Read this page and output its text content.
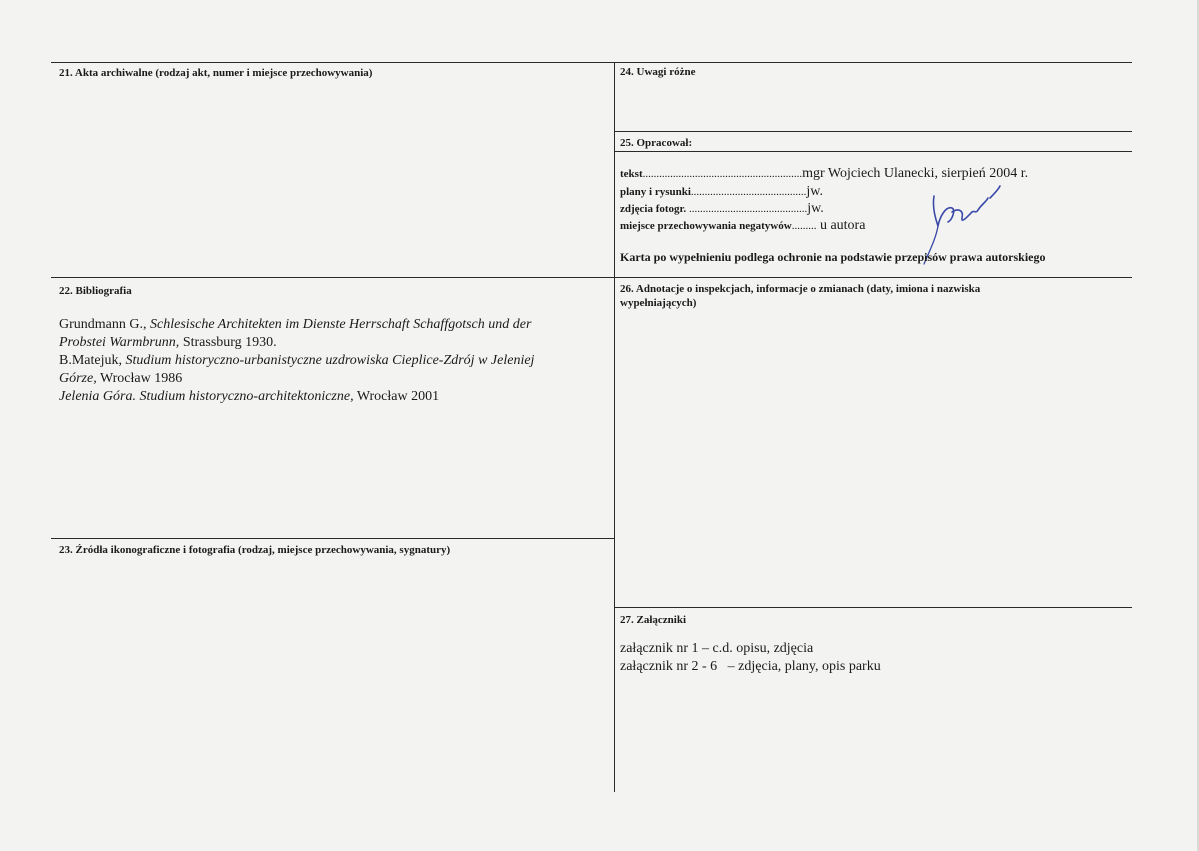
21. Akta archiwalne (rodzaj akt, numer i miejsce przechowywania)	24. Uwagi różne
25. Opracował:
tekst..........................................................mgr Wojciech Ulanecki, sierpień 2004 r.
plany i rysunki..........................................jw.
zdjęcia fotogr. ...........................................jw.
miejsce przechowywania negatywów......... u autora
Karta po wypełnieniu podlega ochronie na podstawie przepisów prawa autorskiego
22. Bibliografia
Grundmann G., Schlesische Architekten im Dienste Herrschaft Schaffgotsch und der
Probstei Warmbrunn, Strassburg 1930.
B.Matejuk, Studium historyczno-urbanistyczne uzdrowiska Cieplice-Zdrój w Jeleniej
Górze, Wrocław 1986
Jelenia Góra. Studium historyczno-architektoniczne, Wrocław 2001
26. Adnotacje o inspekcjach, informacje o zmianach (daty, imiona i nazwiska
wypełniających)
23. Źródła ikonograficzne i fotografia (rodzaj, miejsce przechowywania, sygnatury)
27. Załączniki
załącznik nr 1 – c.d. opisu, zdjęcia
załącznik nr 2 - 6   – zdjęcia, plany, opis parku
